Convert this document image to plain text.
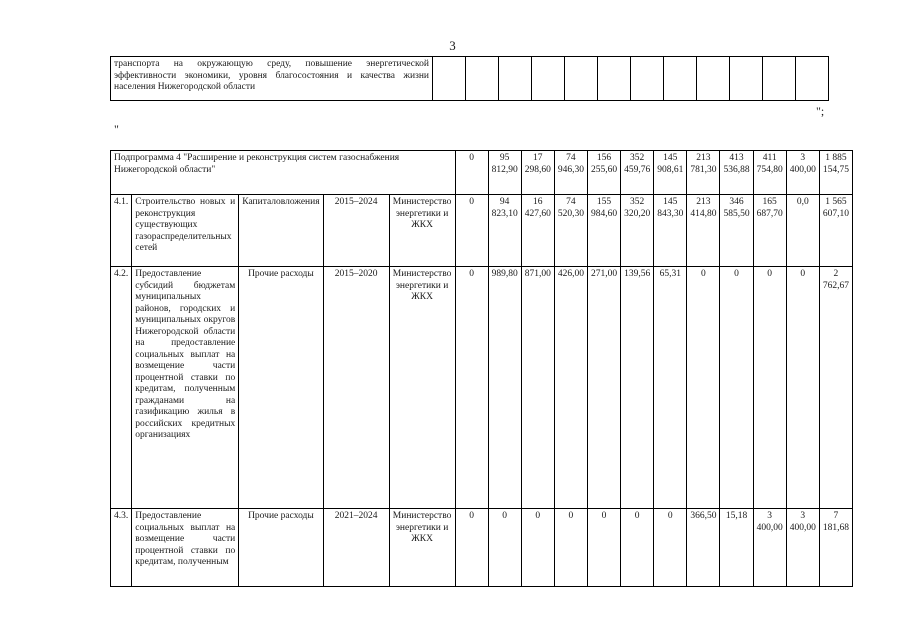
3
транспорта на окружающую среду, повышение энергетической эффективности экономики, уровня благосостояния и качества жизни населения Нижегородской области												
";
"
Подпрограмма 4 "Расширение и реконструкция систем газоснабжения Нижегородской области"					0	95 812,90	17 298,60	74 946,30	156 255,60	352 459,76	145 908,61	213 781,30	413 536,88	411 754,80	3 400,00	1 885 154,75
4.1.	Строительство новых и реконструкция существующих газораспределительных сетей	Капиталовложения	2015–2024	Министерство энергетики и ЖКХ	0	94 823,10	16 427,60	74 520,30	155 984,60	352 320,20	145 843,30	213 414,80	346 585,50	165 687,70	0,0	1 565 607,10
4.2.	Предоставление субсидий бюджетам муниципальных районов, городских и муниципальных округов Нижегородской области на предоставление социальных выплат на возмещение части процентной ставки по кредитам, полученным гражданами на газификацию жилья в российских кредитных организациях	Прочие расходы	2015–2020	Министерство энергетики и ЖКХ	0	989,80	871,00	426,00	271,00	139,56	65,31	0	0	0	0	2 762,67
4.3.	Предоставление социальных выплат на возмещение части процентной ставки по кредитам, полученным	Прочие расходы	2021–2024	Министерство энергетики и ЖКХ	0	0	0	0	0	0	0	366,50	15,18	3 400,00	3 400,00	7 181,68
